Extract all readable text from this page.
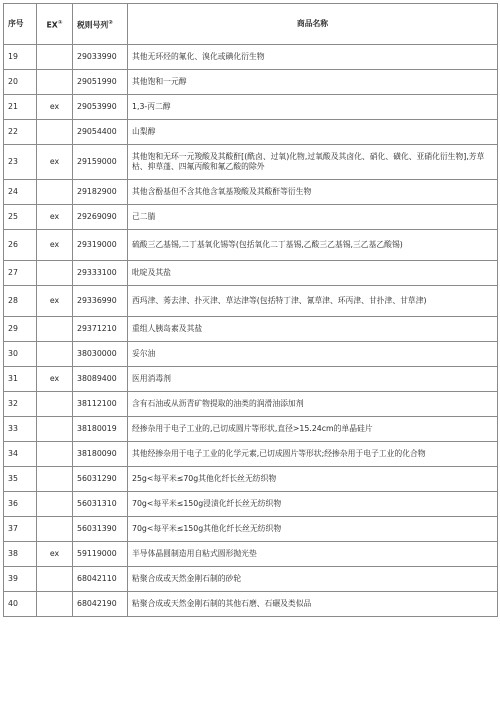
序号	EX①	税则号列②	商品名称
19		29033990	其他无环烃的氟化、溴化或碘化衍生物
20		29051990	其他饱和一元醇
21	ex	29053990	1,3-丙二醇
22		29054400	山梨醇
23	ex	29159000	其他饱和无环一元羧酸及其酸酐[(酰卤、过氧)化物,过氧酸及其卤化、硝化、磺化、亚硝化衍生物],芳草枯、抑草蓬、四氟丙酸和氟乙酸的除外
24		29182900	其他含酚基但不含其他含氧基羧酸及其酸酐等衍生物
25	ex	29269090	己二腈
26	ex	29319000	硫酸三乙基锡,二丁基氧化锡等(包括氧化二丁基锡,乙酸三乙基锡,三乙基乙酸锡)
27		29333100	吡啶及其盐
28	ex	29336990	西玛津、莠去津、扑灭津、草达津等(包括特丁津、氰草津、环丙津、甘扑津、甘草津)
29		29371210	重组人胰岛素及其盐
30		38030000	妥尔油
31	ex	38089400	医用消毒剂
32		38112100	含有石油或从沥青矿物提取的油类的润滑油添加剂
33		38180019	经掺杂用于电子工业的,已切成圆片等形状,直径>15.24cm的单晶硅片
34		38180090	其他经掺杂用于电子工业的化学元素,已切成圆片等形状;经掺杂用于电子工业的化合物
35		56031290	25g<每平米≤70g其他化纤长丝无纺织物
36		56031310	70g<每平米≤150g浸渍化纤长丝无纺织物
37		56031390	70g<每平米≤150g其他化纤长丝无纺织物
38	ex	59119000	半导体晶圆制造用自粘式圆形抛光垫
39		68042110	粘聚合成或天然金刚石制的砂轮
40		68042190	粘聚合成或天然金刚石制的其他石磨、石碾及类似品
